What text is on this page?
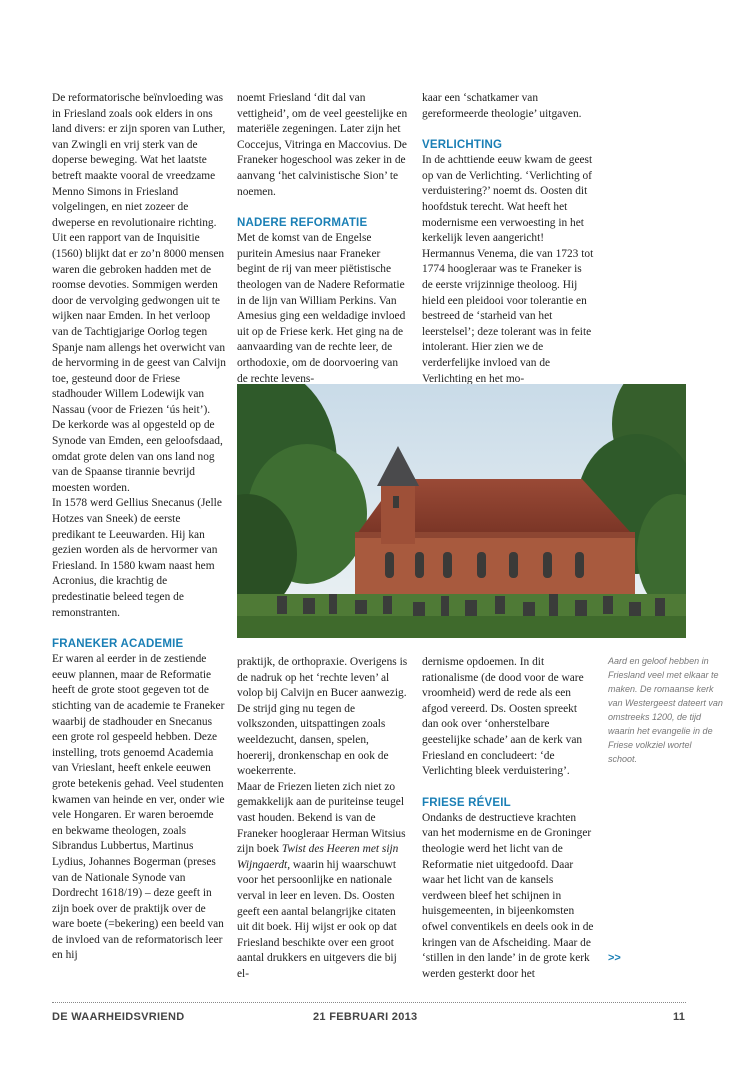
De reformatorische beïnvloeding was in Friesland zoals ook elders in ons land divers: er zijn sporen van Luther, van Zwingli en vrij sterk van de doperse beweging. Wat het laatste betreft maakte vooral de vreedzame Menno Simons in Friesland volgelingen, en niet zozeer de dweperse en revolutionaire richting. Uit een rapport van de Inquisitie (1560) blijkt dat er zo’n 8000 mensen waren die gebroken hadden met de roomse devoties. Sommigen werden door de vervolging gedwongen uit te wijken naar Emden. In het verloop van de Tachtigjarige Oorlog tegen Spanje nam allengs het overwicht van de hervorming in de geest van Calvijn toe, gesteund door de Friese stadhouder Willem Lodewijk van Nassau (voor de Friezen ‘ús heit’). De kerkorde was al opgesteld op de Synode van Emden, een geloofsdaad, omdat grote delen van ons land nog van de Spaanse tirannie bevrijd moesten worden.

In 1578 werd Gellius Snecanus (Jelle Hotzes van Sneek) de eerste predikant te Leeuwarden. Hij kan gezien worden als de hervormer van Friesland. In 1580 kwam naast hem Acronius, die krachtig de predestinatie beleed tegen de remonstranten.

FRANEKER ACADEMIE

Er waren al eerder in de zestiende eeuw plannen, maar de Reformatie heeft de grote stoot gegeven tot de stichting van de academie te Franeker waarbij de stadhouder en Snecanus een grote rol gespeeld hebben. Deze instelling, trots genoemd Academia van Vrieslant, heeft enkele eeuwen grote betekenis gehad. Veel studenten kwamen van heinde en ver, onder wie vele Hongaren. Er waren beroemde en bekwame theologen, zoals Sibrandus Lubbertus, Martinus Lydius, Johannes Bogerman (preses van de Nationale Synode van Dordrecht 1618/19) – deze geeft in zijn boek over de praktijk over de ware boete (=bekering) een beeld van de invloed van de reformatorisch leer en hij

noemt Friesland ‘dit dal van vettigheid’, om de veel geestelijke en materiële zegeningen. Later zijn het Coccejus, Vitringa en Maccovius. De Franeker hogeschool was zeker in de aanvang ‘het calvinistische Sion’ te noemen.

NADERE REFORMATIE

Met de komst van de Engelse puritein Amesius naar Franeker begint de rij van meer piëtistische theologen van de Nadere Reformatie in de lijn van William Perkins. Van Amesius ging een weldadige invloed uit op de Friese kerk. Het ging na de aanvaarding van de rechte leer, de orthodoxie, om de doorvoering van de rechte levens-

kaar een ‘schatkamer van gereformeerde theologie’ uitgaven.

VERLICHTING

In de achttiende eeuw kwam de geest op van de Verlichting. ‘Verlichting of verduistering?’ noemt ds. Oosten dit hoofdstuk terecht. Wat heeft het modernisme een verwoesting in het kerkelijk leven aangericht! Hermannus Venema, die van 1723 tot 1774 hoogleraar was te Franeker is de eerste vrijzinnige theoloog. Hij hield een pleidooi voor tolerantie en bestreed de ‘starheid van het leerstelsel’; deze tolerant was in feite intolerant. Hier zien we de verderfelijke invloed van de Verlichting en het mo-

praktijk, de orthopraxie. Overigens is de nadruk op het ‘rechte leven’ al volop bij Calvijn en Bucer aanwezig. De strijd ging nu tegen de volkszonden, uitspattingen zoals weeldezucht, dansen, spelen, hoererij, dronkenschap en ook de woekerrente.

Maar de Friezen lieten zich niet zo gemakkelijk aan de puriteinse teugel vast houden. Bekend is van de Franeker hoogleraar Herman Witsius zijn boek Twist des Heeren met sijn Wijngaerdt, waarin hij waarschuwt voor het persoonlijke en nationale verval in leer en leven. Ds. Oosten geeft een aantal belangrijke citaten uit dit boek. Hij wijst er ook op dat Friesland beschikte over een groot aantal drukkers en uitgevers die bij el-

dernisme opdoemen. In dit rationalisme (de dood voor de ware vroomheid) werd de rede als een afgod vereerd. Ds. Oosten spreekt dan ook over ‘onherstelbare geestelijke schade’ aan de kerk van Friesland en concludeert: ‘de Verlichting bleek verduistering’.

FRIESE RÉVEIL

Ondanks de destructieve krachten van het modernisme en de Groninger theologie werd het licht van de Reformatie niet uitgedoofd. Daar waar het licht van de kansels verdween bleef het schijnen in huisgemeenten, in bijeenkomsten ofwel conventikels en deels ook in de kringen van de Afscheiding. Maar de ‘stillen in den lande’ in de grote kerk werden gesterkt door het

Aard en geloof hebben in Friesland veel met elkaar te maken. De romaanse kerk van Westergeest dateert van omstreeks 1200, de tijd waarin het evangelie in de Friese volkziel wortel schoot.
>>
DE WAARHEIDSVRIEND	21 FEBRUARI 2013	11
